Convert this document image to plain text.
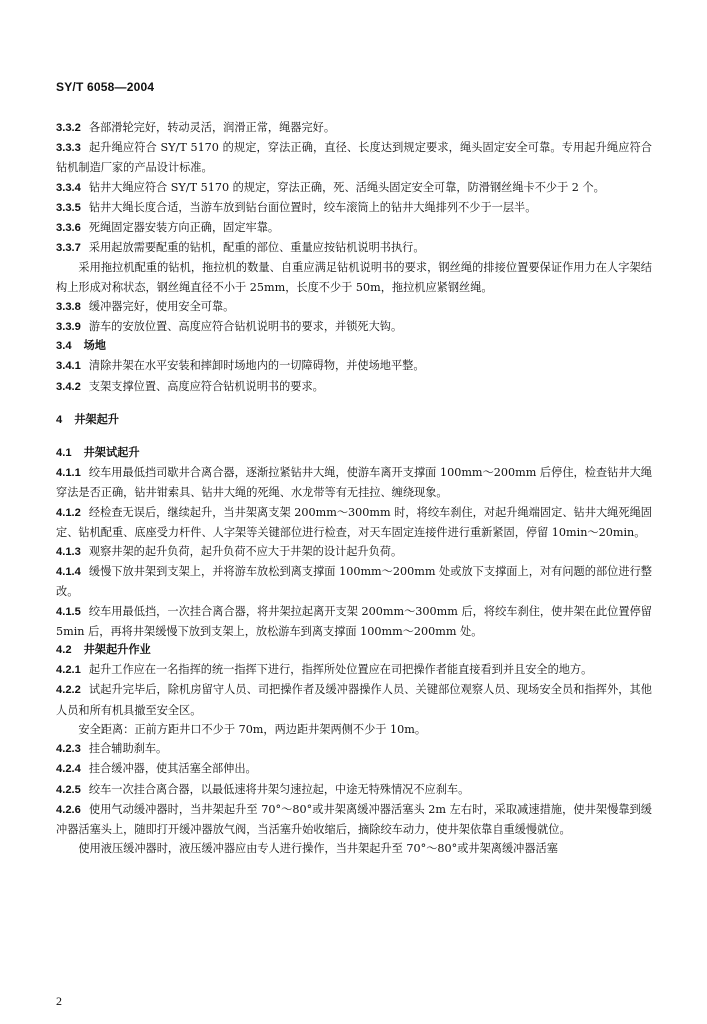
SY/T 6058—2004
3.3.2 各部滑轮完好，转动灵活，润滑正常，绳器完好。
3.3.3 起升绳应符合 SY/T 5170 的规定，穿法正确，直径、长度达到规定要求，绳头固定安全可靠。专用起升绳应符合钻机制造厂家的产品设计标准。
3.3.4 钻井大绳应符合 SY/T 5170 的规定，穿法正确，死、活绳头固定安全可靠，防滑钢丝绳卡不少于 2 个。
3.3.5 钻井大绳长度合适，当游车放到钻台面位置时，绞车滚筒上的钻井大绳排列不少于一层半。
3.3.6 死绳固定器安装方向正确，固定牢靠。
3.3.7 采用起放需要配重的钻机，配重的部位、重量应按钻机说明书执行。
采用拖拉机配重的钻机，拖拉机的数量、自重应满足钻机说明书的要求，钢丝绳的排接位置要保证作用力在人字架结构上形成对称状态，钢丝绳直径不小于 25mm，长度不少于 50m，拖拉机应紧钢丝绳。
3.3.8 缓冲器完好，使用安全可靠。
3.3.9 游车的安放位置、高度应符合钻机说明书的要求，并锁死大钩。
3.4 场地
3.4.1 清除井架在水平安装和摔卸时场地内的一切障碍物，并使场地平整。
3.4.2 支架支撑位置、高度应符合钻机说明书的要求。
4 井架起升
4.1 井架试起升
4.1.1 绞车用最低挡司歇井合离合器，逐渐拉紧钻井大绳，使游车离开支撑面 100mm～200mm 后停住，检查钻井大绳穿法是否正确，钻井钳索具、钻井大绳的死绳、水龙带等有无挂拉、缠绕现象。
4.1.2 经检查无误后，继续起升，当井架离支架 200mm～300mm 时，将绞车刹住，对起升绳端固定、钻井大绳死绳固定、钻机配重、底座受力杆件、人字架等关键部位进行检查，对天车固定连接件进行重新紧固，停留 10min～20min。
4.1.3 观察井架的起升负荷，起升负荷不应大于井架的设计起升负荷。
4.1.4 缓慢下放井架到支架上，并将游车放松到离支撑面 100mm～200mm 处或放下支撑面上，对有问题的部位进行整改。
4.1.5 绞车用最低挡，一次挂合离合器，将井架拉起离开支架 200mm～300mm 后，将绞车刹住，使井架在此位置停留 5min 后，再将井架缓慢下放到支架上，放松游车到离支撑面 100mm～200mm 处。
4.2 井架起升作业
4.2.1 起升工作应在一名指挥的统一指挥下进行，指挥所处位置应在司把操作者能直接看到并且安全的地方。
4.2.2 试起升完毕后，除机房留守人员、司把操作者及缓冲器操作人员、关键部位观察人员、现场安全员和指挥外，其他人员和所有机具撤至安全区。
安全距离：正前方距井口不少于 70m，两边距井架两侧不少于 10m。
4.2.3 挂合辅助刹车。
4.2.4 挂合缓冲器，使其活塞全部伸出。
4.2.5 绞车一次挂合离合器，以最低速将井架匀速拉起，中途无特殊情况不应刹车。
4.2.6 使用气动缓冲器时，当井架起升至 70°～80°或井架离缓冲器活塞头 2m 左右时，采取减速措施，使井架慢靠到缓冲器活塞头上，随即打开缓冲器放气阀，当活塞升始收缩后，摘除绞车动力，使井架依靠自重缓慢就位。
使用液压缓冲器时，液压缓冲器应由专人进行操作，当井架起升至 70°～80°或井架离缓冲器活塞
2
